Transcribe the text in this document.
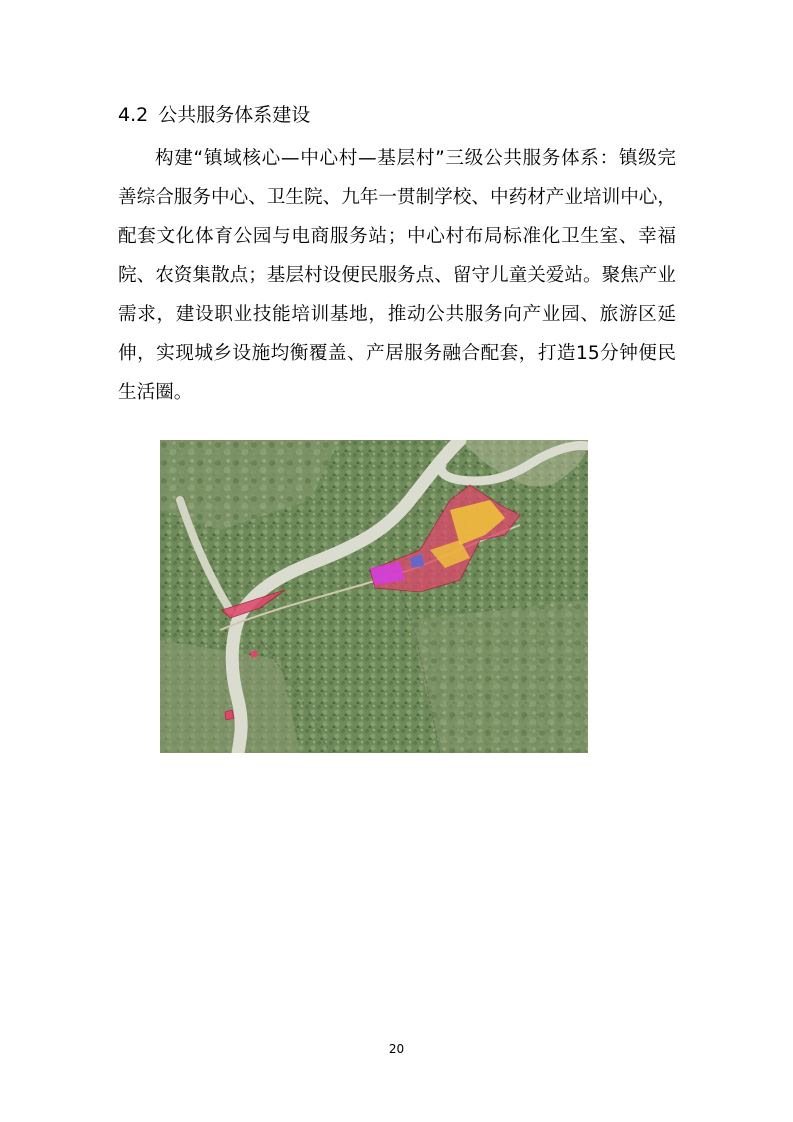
4.2 公共服务体系建设
构建“镇域核心—中心村—基层村”三级公共服务体系：镇级完善综合服务中心、卫生院、九年一贯制学校、中药材产业培训中心，配套文化体育公园与电商服务站；中心村布局标准化卫生室、幸福院、农资集散点；基层村设便民服务点、留守儿童关爱站。聚焦产业需求，建设职业技能培训基地，推动公共服务向产业园、旅游区延伸，实现城乡设施均衡覆盖、产居服务融合配套，打造15分钟便民生活圈。
20
